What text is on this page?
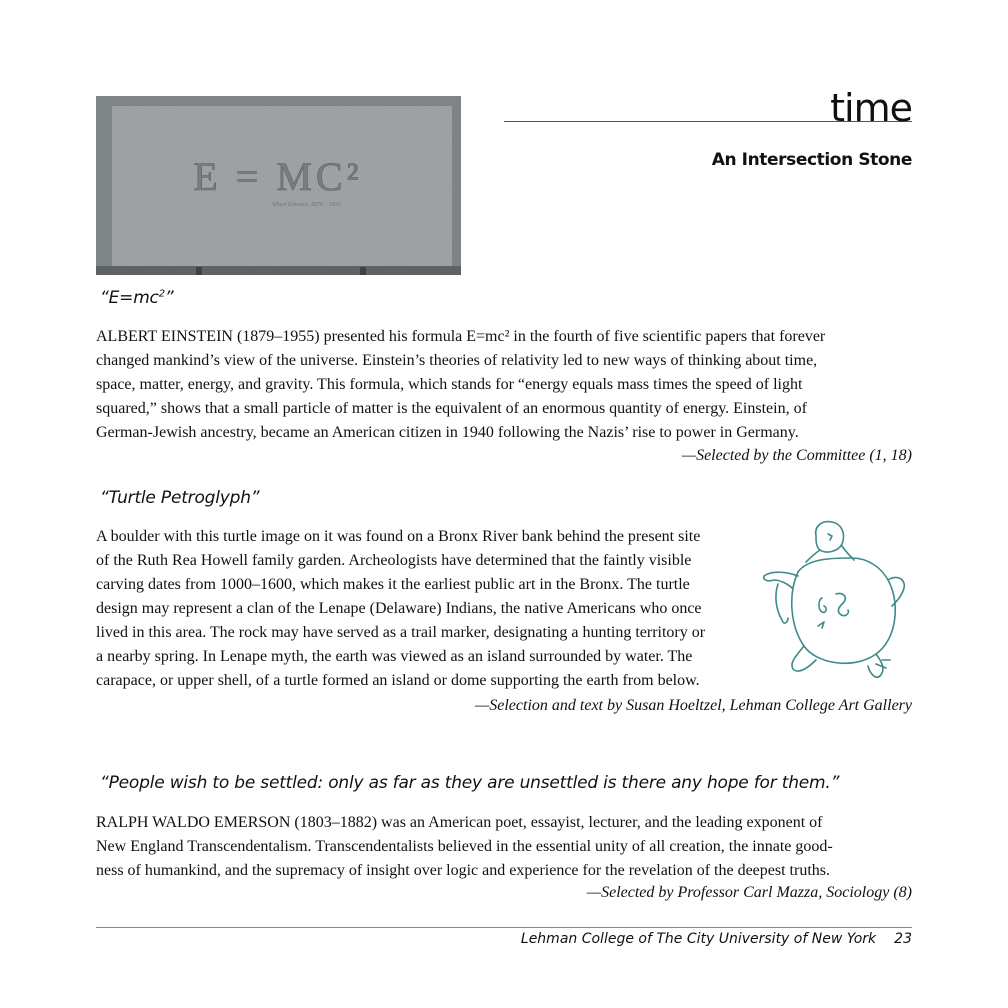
E = MC²
Albert Einstein, 1879 – 1955
time
An Intersection Stone
“$E=mc^2$”
ALBERT EINSTEIN (1879–1955) presented his formula E=mc² in the fourth of five scientific papers that forever
changed mankind’s view of the universe. Einstein’s theories of relativity led to new ways of thinking about time,
space, matter, energy, and gravity. This formula, which stands for “energy equals mass times the speed of light
squared,” shows that a small particle of matter is the equivalent of an enormous quantity of energy. Einstein, of
German-Jewish ancestry, became an American citizen in 1940 following the Nazis’ rise to power in Germany.
—Selected by the Committee (1, 18)
“Turtle Petroglyph”
A boulder with this turtle image on it was found on a Bronx River bank behind the present site
of the Ruth Rea Howell family garden. Archeologists have determined that the faintly visible
carving dates from 1000–1600, which makes it the earliest public art in the Bronx. The turtle
design may represent a clan of the Lenape (Delaware) Indians, the native Americans who once
lived in this area. The rock may have served as a trail marker, designating a hunting territory or
a nearby spring. In Lenape myth, the earth was viewed as an island surrounded by water. The
carapace, or upper shell, of a turtle formed an island or dome supporting the earth from below.
—Selection and text by Susan Hoeltzel, Lehman College Art Gallery
“People wish to be settled: only as far as they are unsettled is there any hope for them.”
RALPH WALDO EMERSON (1803–1882) was an American poet, essayist, lecturer, and the leading exponent of
New England Transcendentalism. Transcendentalists believed in the essential unity of all creation, the innate good-
ness of humankind, and the supremacy of insight over logic and experience for the revelation of the deepest truths.
—Selected by Professor Carl Mazza, Sociology (8)
Lehman College of The City University of New York 23
